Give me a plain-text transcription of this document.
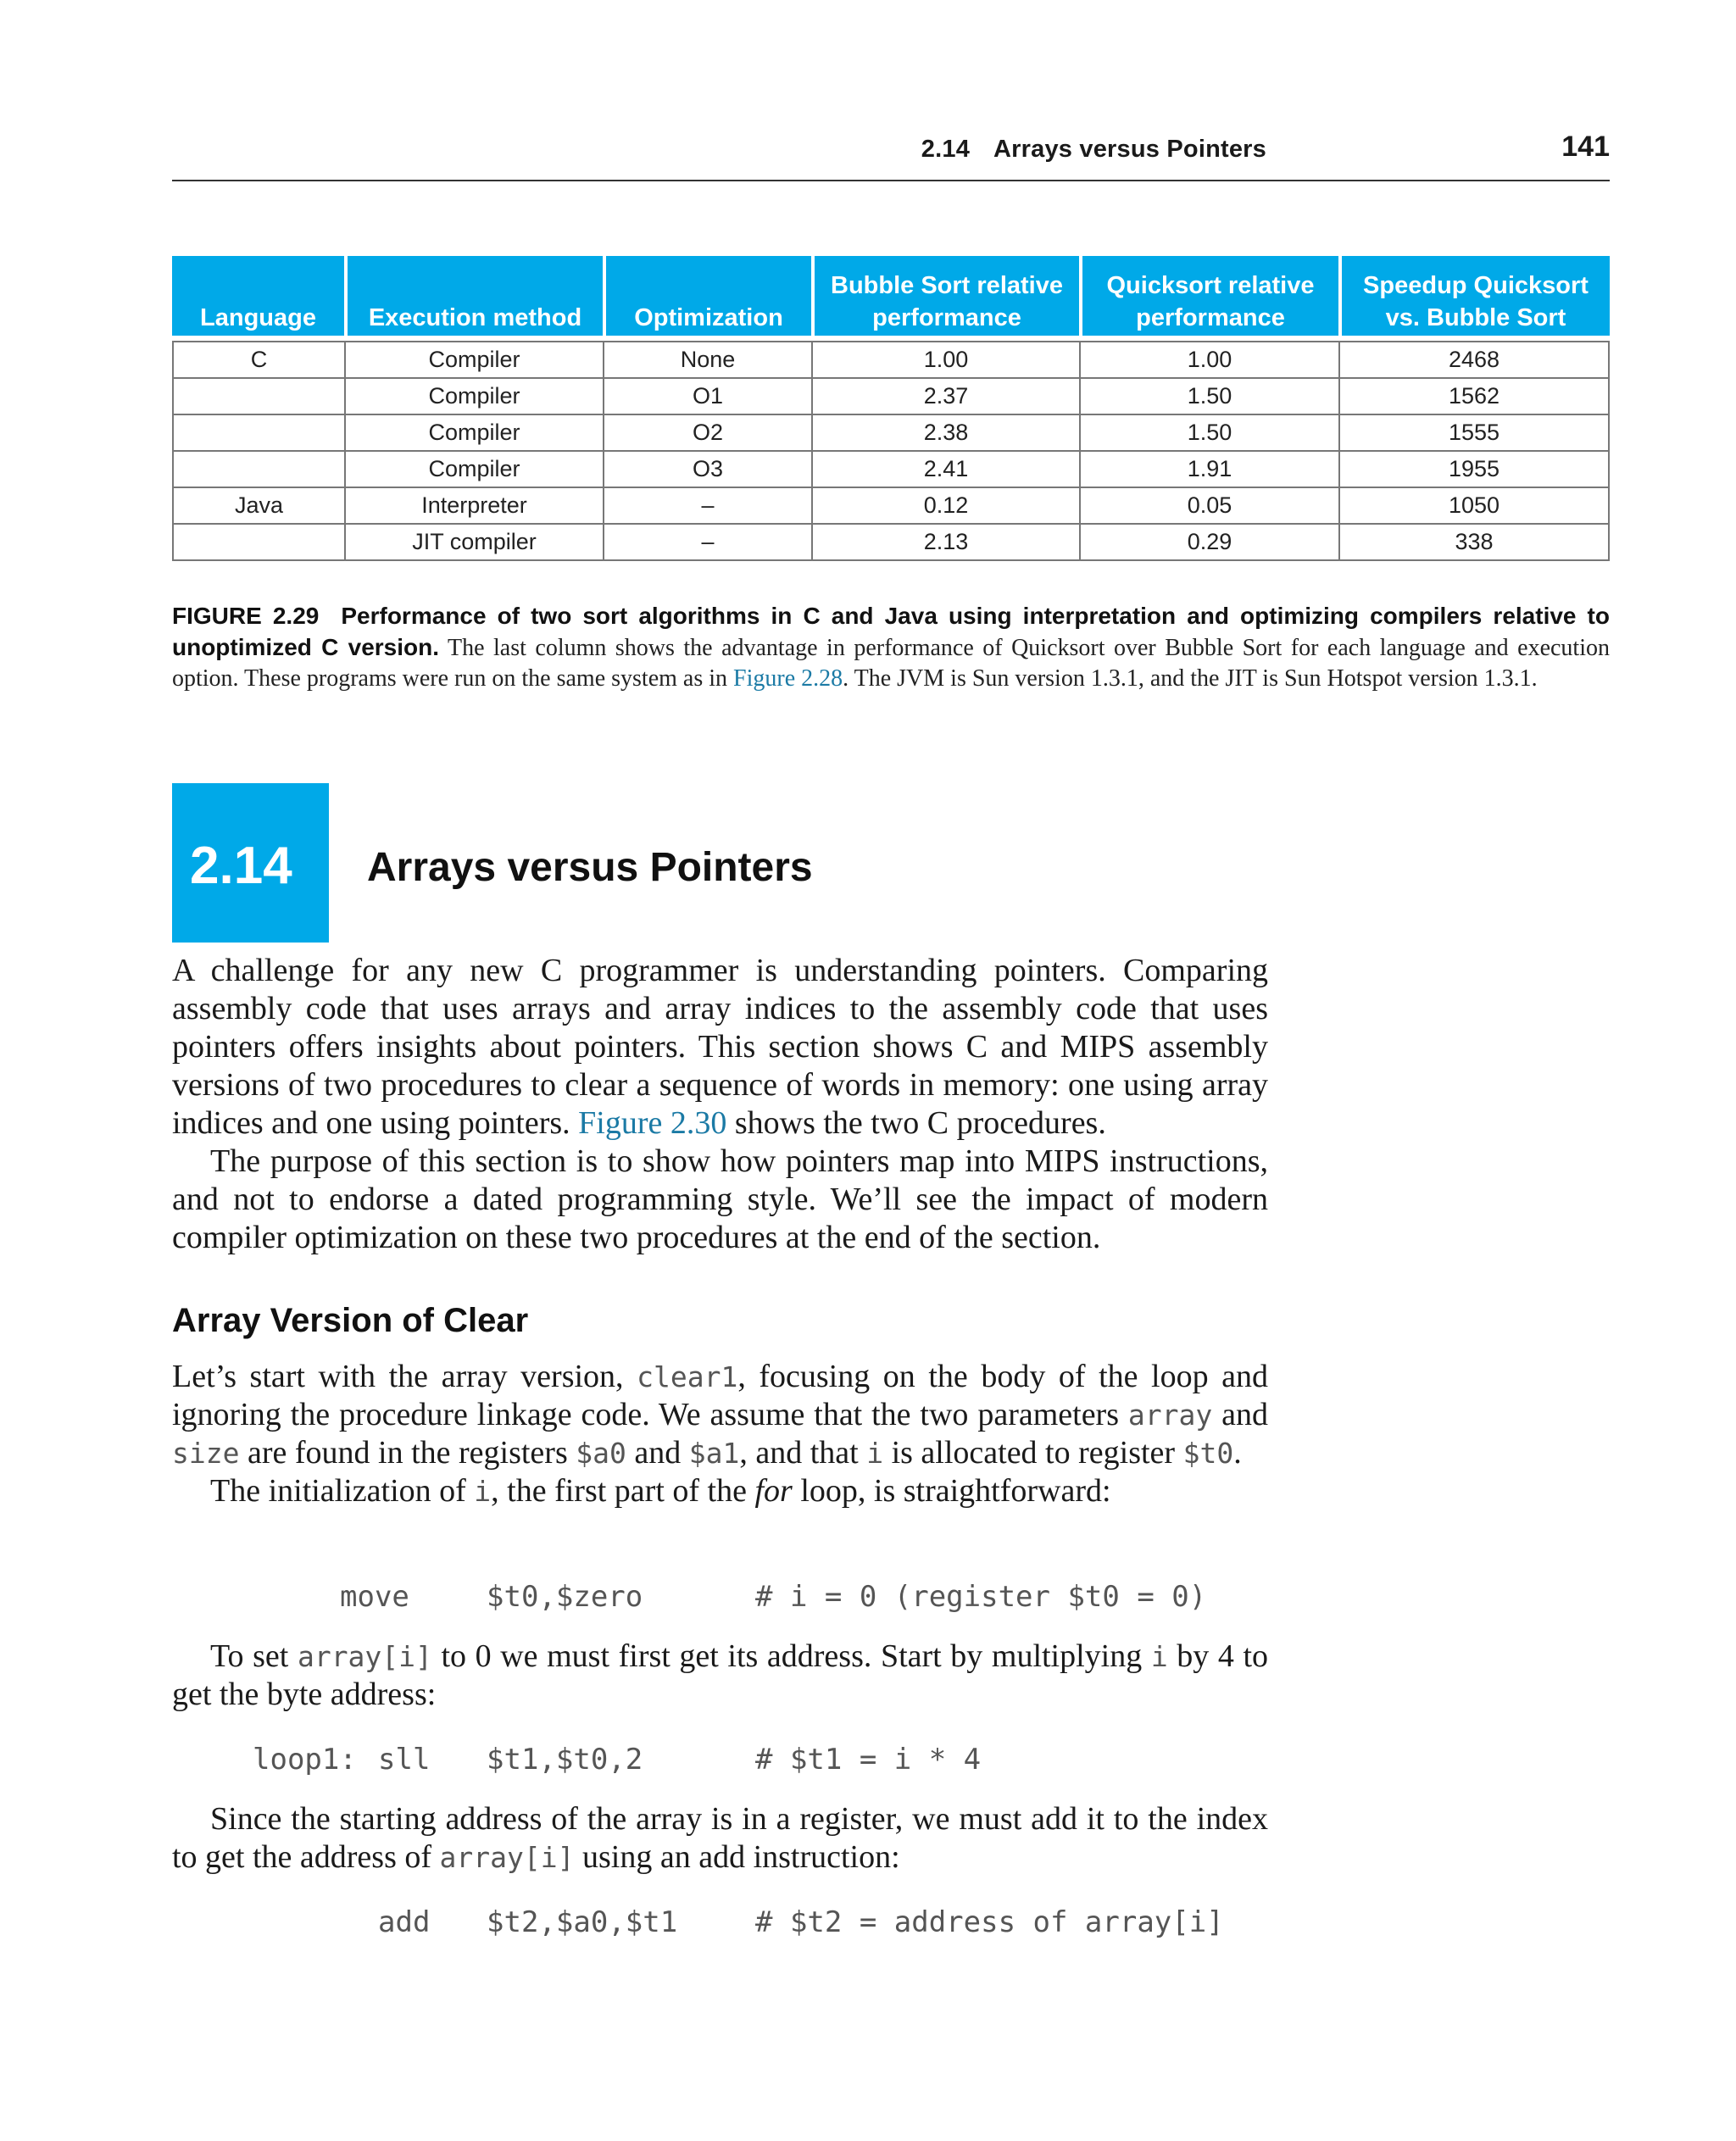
2.14 Arrays versus Pointers	141
Language	Execution method	Optimization	Bubble Sort relative performance	Quicksort relative performance	Speedup Quicksort vs. Bubble Sort

C	Compiler	None	1.00	1.00	2468
	Compiler	O1	2.37	1.50	1562
	Compiler	O2	2.38	1.50	1555
	Compiler	O3	2.41	1.91	1955
Java	Interpreter	–	0.12	0.05	1050
	JIT compiler	–	2.13	0.29	338
FIGURE 2.29 Performance of two sort algorithms in C and Java using interpretation and optimizing compilers relative to unoptimized C version. The last column shows the advantage in performance of Quicksort over Bubble Sort for each language and execution option. These programs were run on the same system as in Figure 2.28. The JVM is Sun version 1.3.1, and the JIT is Sun Hotspot version 1.3.1.
2.14 Arrays versus Pointers

A challenge for any new C programmer is understanding pointers. Comparing assembly code that uses arrays and array indices to the assembly code that uses pointers offers insights about pointers. This section shows C and MIPS assembly versions of two procedures to clear a sequence of words in memory: one using array indices and one using pointers. Figure 2.30 shows the two C procedures.

The purpose of this section is to show how pointers map into MIPS instructions, and not to endorse a dated programming style. We’ll see the impact of modern compiler optimization on these two procedures at the end of the section.

Array Version of Clear

Let’s start with the array version, clear1, focusing on the body of the loop and ignoring the procedure linkage code. We assume that the two parameters array and size are found in the registers $a0 and $a1, and that i is allocated to register $t0.

The initialization of i, the first part of the for loop, is straightforward:

move

	$t0,$zero

	# i = 0 (register $t0 = 0)

To set array[i] to 0 we must first get its address. Start by multiplying i by 4 to get the byte address:

loop1:

sll

$t1,$t0,2

	# $t1 = i * 4

Since the starting address of the array is in a register, we must add it to the index to get the address of array[i] using an add instruction:

add

$t2,$a0,$t1

	# $t2 = address of array[i]
